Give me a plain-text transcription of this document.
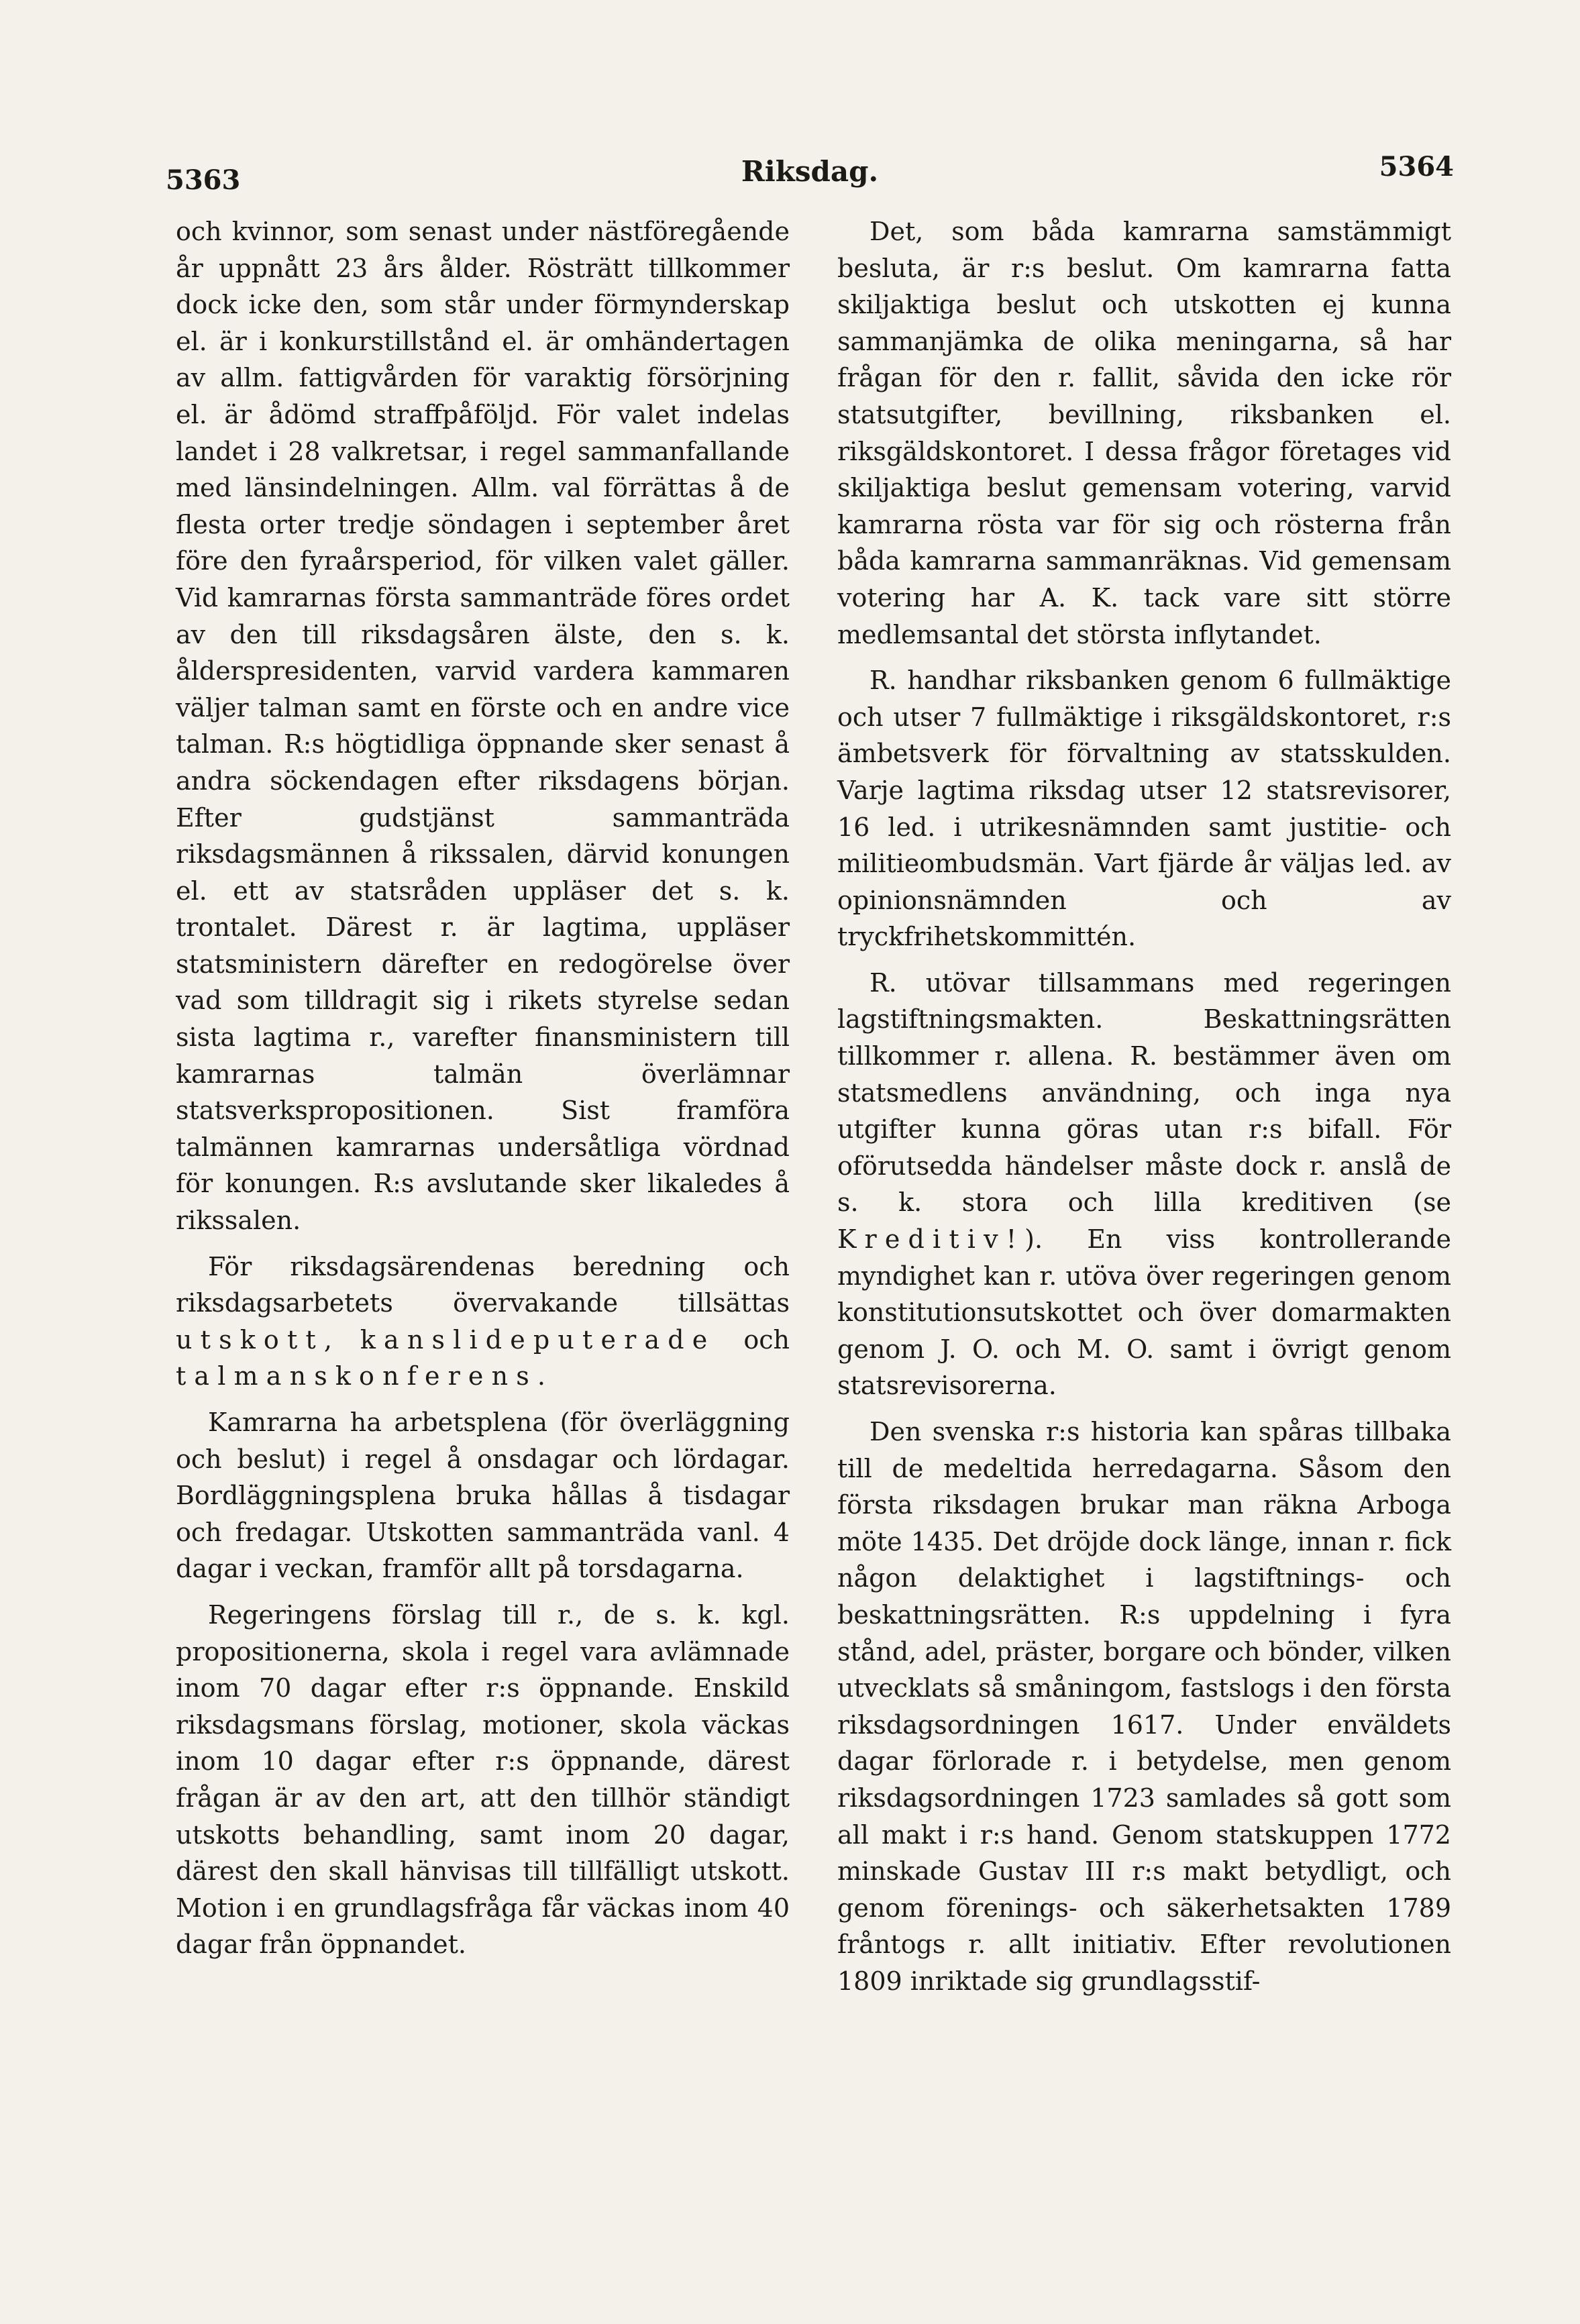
5363	Riksdag.	5364

och kvinnor, som senast under nästföregående år uppnått 23 års ålder. Rösträtt tillkommer dock icke den, som står under förmynderskap el. är i konkurstillstånd el. är omhändertagen av allm. fattigvården för varaktig försörjning el. är ådömd straffpåföljd. För valet indelas landet i 28 valkretsar, i regel sammanfallande med länsindelningen. Allm. val förrättas å de flesta orter tredje söndagen i september året före den fyraårsperiod, för vilken valet gäller. Vid kamrarnas första sammanträde föres ordet av den till riksdagsåren älste, den s. k. ålderspresidenten, varvid vardera kammaren väljer talman samt en förste och en andre vice talman. R:s högtidliga öppnande sker senast å andra söckendagen efter riksdagens början. Efter gudstjänst sammanträda riksdagsmännen å rikssalen, därvid konungen el. ett av statsråden uppläser det s. k. trontalet. Därest r. är lagtima, uppläser statsministern därefter en redogörelse över vad som tilldragit sig i rikets styrelse sedan sista lagtima r., varefter finansministern till kamrarnas talmän överlämnar statsverkspropositionen. Sist framföra talmännen kamrarnas undersåtliga vördnad för konungen. R:s avslutande sker likaledes å rikssalen.

För riksdagsärendenas beredning och riksdagsarbetets övervakande tillsättas utskott, kanslideputerade och talmanskonferens.

Kamrarna ha arbetsplena (för överläggning och beslut) i regel å onsdagar och lördagar. Bordläggningsplena bruka hållas å tisdagar och fredagar. Utskotten sammanträda vanl. 4 dagar i veckan, framför allt på torsdagarna.

Regeringens förslag till r., de s. k. kgl. propositionerna, skola i regel vara avlämnade inom 70 dagar efter r:s öppnande. Enskild riksdagsmans förslag, motioner, skola väckas inom 10 dagar efter r:s öppnande, därest frågan är av den art, att den tillhör ständigt utskotts behandling, samt inom 20 dagar, därest den skall hänvisas till tillfälligt utskott. Motion i en grundlagsfråga får väckas inom 40 dagar från öppnandet.

Det, som båda kamrarna samstämmigt besluta, är r:s beslut. Om kamrarna fatta skiljaktiga beslut och utskotten ej kunna sammanjämka de olika meningarna, så har frågan för den r. fallit, såvida den icke rör statsutgifter, bevillning, riksbanken el. riksgäldskontoret. I dessa frågor företages vid skiljaktiga beslut gemensam votering, varvid kamrarna rösta var för sig och rösterna från båda kamrarna sammanräknas. Vid gemensam votering har A. K. tack vare sitt större medlemsantal det största inflytandet.

R. handhar riksbanken genom 6 fullmäktige och utser 7 fullmäktige i riksgäldskontoret, r:s ämbetsverk för förvaltning av statsskulden. Varje lagtima riksdag utser 12 statsrevisorer, 16 led. i utrikesnämnden samt justitie- och militieombudsmän. Vart fjärde år väljas led. av opinionsnämnden och av tryckfrihetskommittén.

R. utövar tillsammans med regeringen lagstiftningsmakten. Beskattningsrätten tillkommer r. allena. R. bestämmer även om statsmedlens användning, och inga nya utgifter kunna göras utan r:s bifall. För oförutsedda händelser måste dock r. anslå de s. k. stora och lilla kreditiven (se Kreditiv!). En viss kontrollerande myndighet kan r. utöva över regeringen genom konstitutionsutskottet och över domarmakten genom J. O. och M. O. samt i övrigt genom statsrevisorerna.

Den svenska r:s historia kan spåras tillbaka till de medeltida herredagarna. Såsom den första riksdagen brukar man räkna Arboga möte 1435. Det dröjde dock länge, innan r. fick någon delaktighet i lagstiftnings- och beskattningsrätten. R:s uppdelning i fyra stånd, adel, präster, borgare och bönder, vilken utvecklats så småningom, fastslogs i den första riksdagsordningen 1617. Under enväldets dagar förlorade r. i betydelse, men genom riksdagsordningen 1723 samlades så gott som all makt i r:s hand. Genom statskuppen 1772 minskade Gustav III r:s makt betydligt, och genom förenings- och säkerhetsakten 1789 fråntogs r. allt initiativ. Efter revolutionen 1809 inriktade sig grundlagsstif-
